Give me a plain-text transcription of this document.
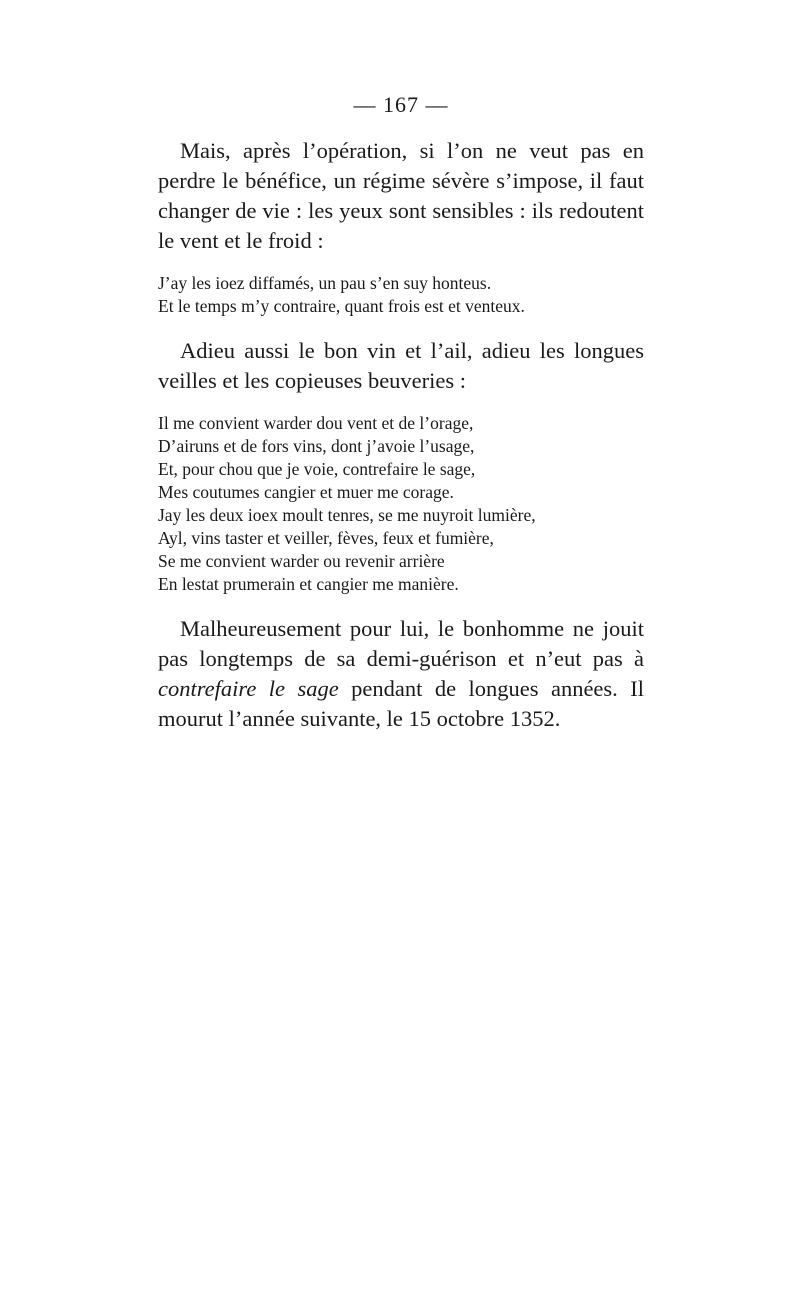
— 167 —

Mais, après l’opération, si l’on ne veut pas en perdre le bénéfice, un régime sévère s’impose, il faut changer de vie : les yeux sont sensibles : ils redoutent le vent et le froid :

J’ay les ioez diffamés, un pau s’en suy honteus.
Et le temps m’y contraire, quant frois est et venteux.

Adieu aussi le bon vin et l’ail, adieu les longues veilles et les copieuses beuveries :

Il me convient warder dou vent et de l’orage,
D’airuns et de fors vins, dont j’avoie l’usage,
Et, pour chou que je voie, contrefaire le sage,
Mes coutumes cangier et muer me corage.
Jay les deux ioex moult tenres, se me nuyroit lumière,
Ayl, vins taster et veiller, fèves, feux et fumière,
Se me convient warder ou revenir arrière
En lestat prumerain et cangier me manière.

Malheureusement pour lui, le bonhomme ne jouit pas longtemps de sa demi-guérison et n’eut pas à contrefaire le sage pendant de longues années. Il mourut l’année suivante, le 15 octobre 1352.
